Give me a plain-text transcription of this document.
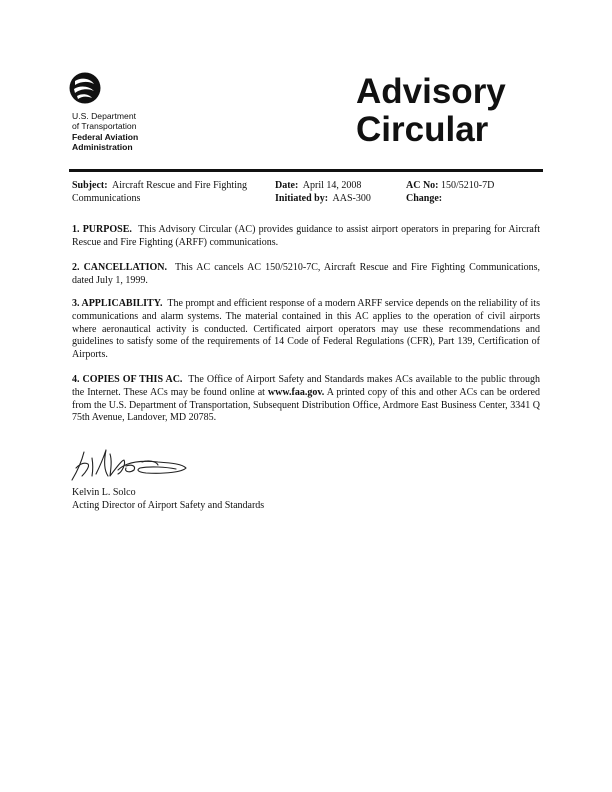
U.S. Department
of Transportation
Federal Aviation
Administration
Advisory
Circular
Subject: Aircraft Rescue and Fire Fighting Communications
Date: April 14, 2008
Initiated by: AAS-300
AC No: 150/5210-7D
Change:
1. PURPOSE. This Advisory Circular (AC) provides guidance to assist airport operators in preparing for Aircraft Rescue and Fire Fighting (ARFF) communications.
2. CANCELLATION. This AC cancels AC 150/5210-7C, Aircraft Rescue and Fire Fighting Communications, dated July 1, 1999.
3. APPLICABILITY. The prompt and efficient response of a modern ARFF service depends on the reliability of its communications and alarm systems. The material contained in this AC applies to the operation of civil airports where aeronautical activity is conducted. Certificated airport operators may use these recommendations and guidelines to satisfy some of the requirements of 14 Code of Federal Regulations (CFR), Part 139, Certification of Airports.
4. COPIES OF THIS AC. The Office of Airport Safety and Standards makes ACs available to the public through the Internet. These ACs may be found online at www.faa.gov. A printed copy of this and other ACs can be ordered from the U.S. Department of Transportation, Subsequent Distribution Office, Ardmore East Business Center, 3341 Q 75th Avenue, Landover, MD 20785.
Kelvin L. Solco
Acting Director of Airport Safety and Standards
